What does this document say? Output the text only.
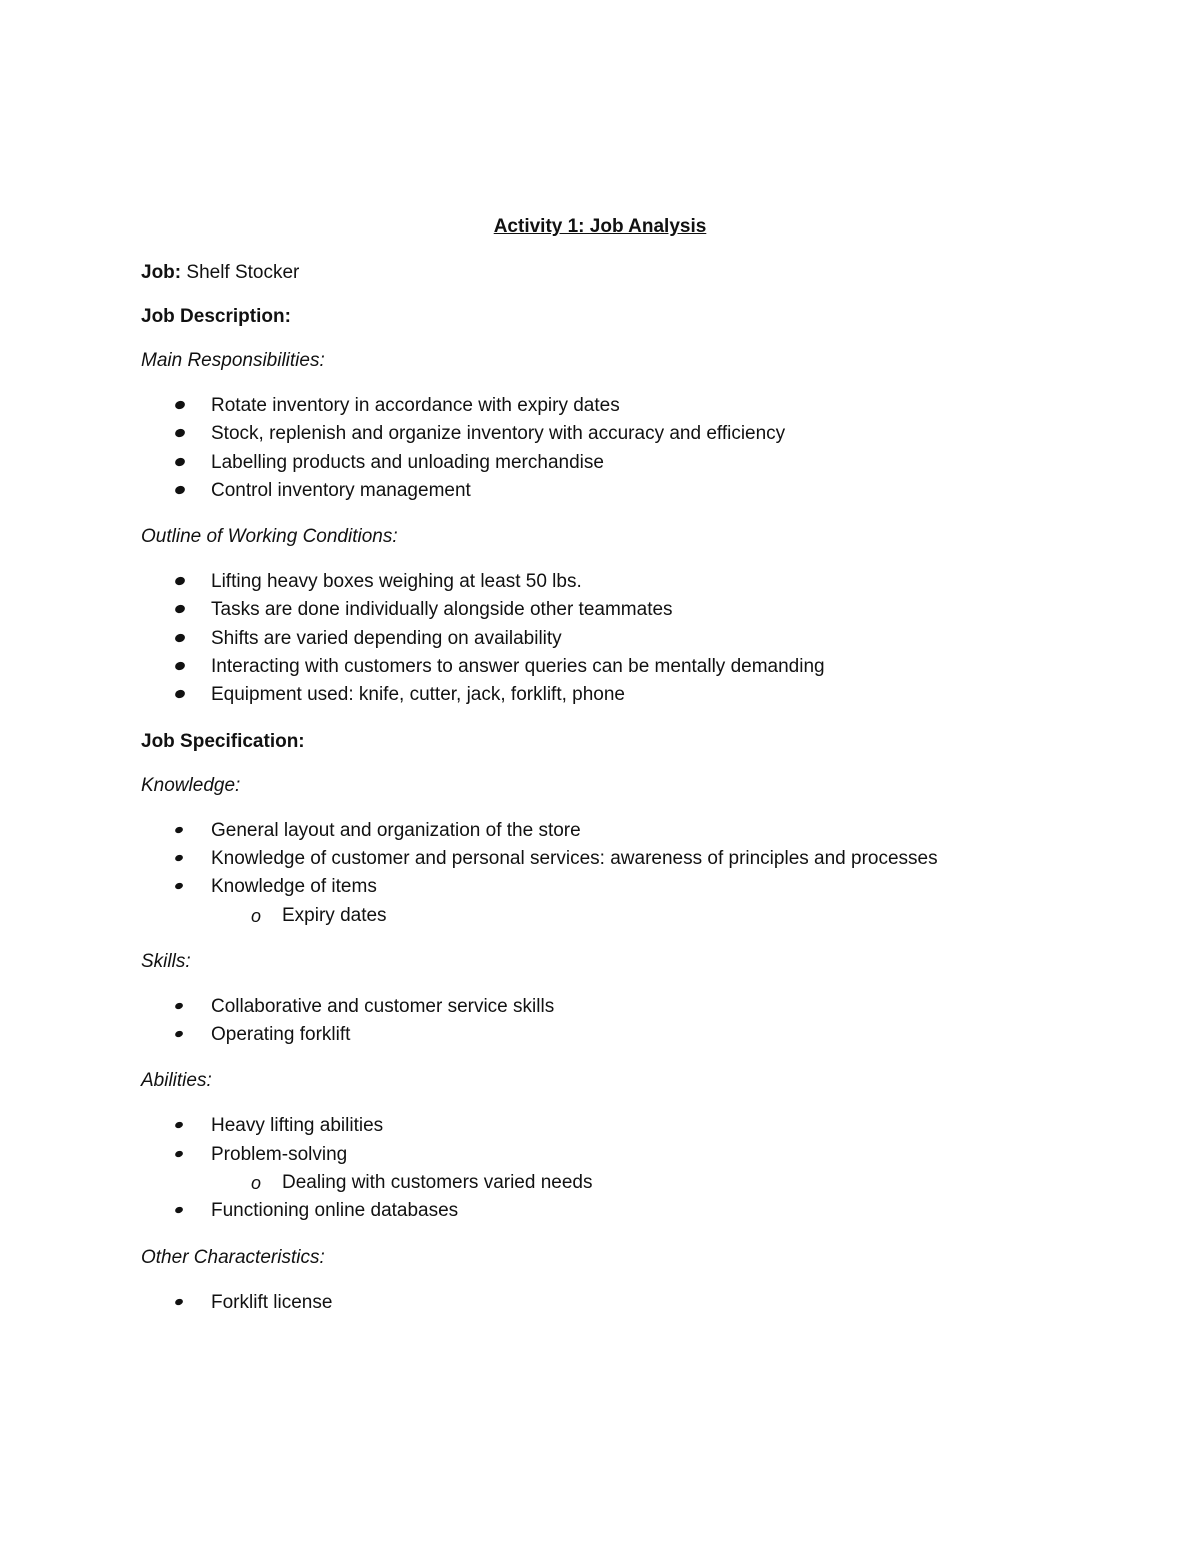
Activity 1: Job Analysis
Job: Shelf Stocker
Job Description:
Main Responsibilities:
Rotate inventory in accordance with expiry dates
Stock, replenish and organize inventory with accuracy and efficiency
Labelling products and unloading merchandise
Control inventory management
Outline of Working Conditions:
Lifting heavy boxes weighing at least 50 lbs.
Tasks are done individually alongside other teammates
Shifts are varied depending on availability
Interacting with customers to answer queries can be mentally demanding
Equipment used: knife, cutter, jack, forklift, phone
Job Specification:
Knowledge:
General layout and organization of the store
Knowledge of customer and personal services: awareness of principles and processes
Knowledge of items
o Expiry dates
Skills:
Collaborative and customer service skills
Operating forklift
Abilities:
Heavy lifting abilities
Problem-solving
o Dealing with customers varied needs
Functioning online databases
Other Characteristics:
Forklift license
